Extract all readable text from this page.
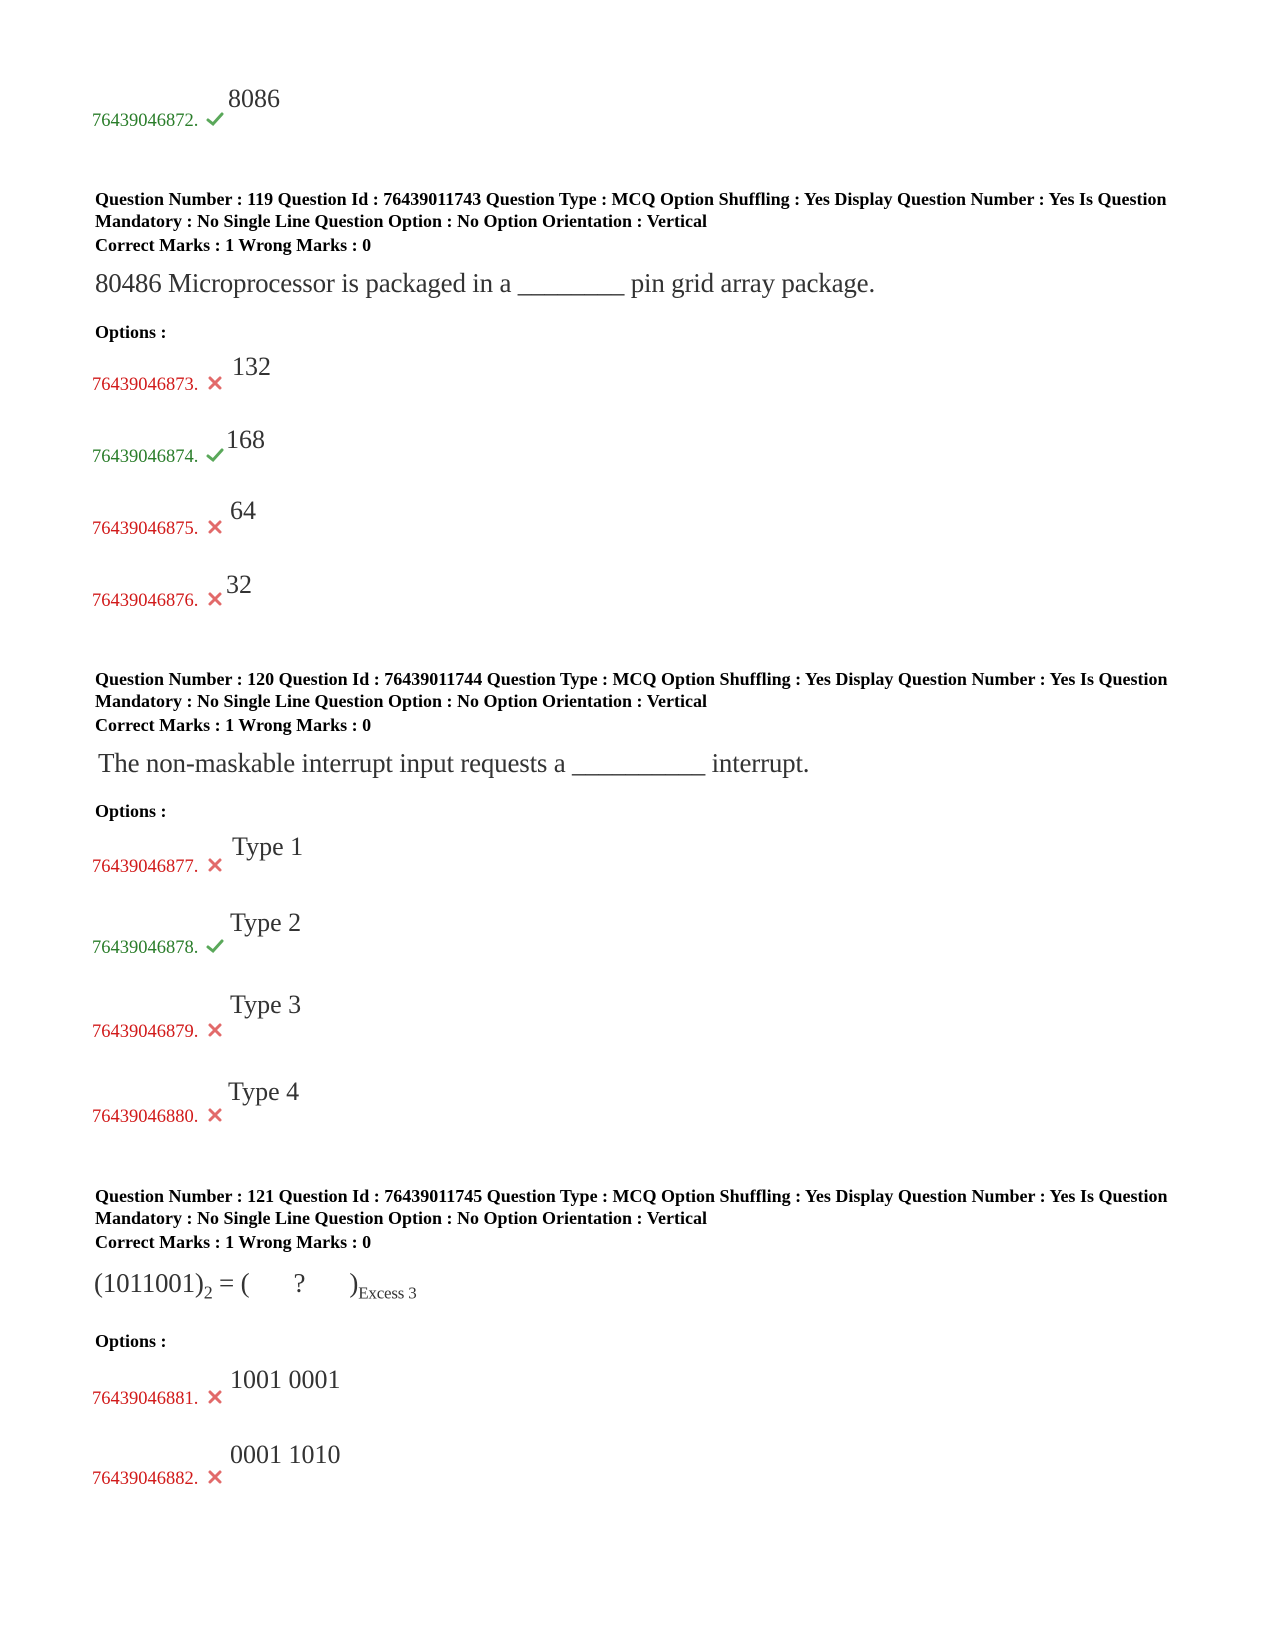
8086
76439046872.
Question Number : 119 Question Id : 76439011743 Question Type : MCQ Option Shuffling : Yes Display Question Number : Yes Is Question Mandatory : No Single Line Question Option : No Option Orientation : Vertical
Correct Marks : 1 Wrong Marks : 0
80486 Microprocessor is packaged in a ________ pin grid array package.
Options :
132
76439046873.
168
76439046874.
64
76439046875.
32
76439046876.
Question Number : 120 Question Id : 76439011744 Question Type : MCQ Option Shuffling : Yes Display Question Number : Yes Is Question Mandatory : No Single Line Question Option : No Option Orientation : Vertical
Correct Marks : 1 Wrong Marks : 0
The non-maskable interrupt input requests a __________ interrupt.
Options :
Type 1
76439046877.
Type 2
76439046878.
Type 3
76439046879.
Type 4
76439046880.
Question Number : 121 Question Id : 76439011745 Question Type : MCQ Option Shuffling : Yes Display Question Number : Yes Is Question Mandatory : No Single Line Question Option : No Option Orientation : Vertical
Correct Marks : 1 Wrong Marks : 0
$(1011001)_2$ = ( ? )$_{Excess 3}$
Options :
1001 0001
76439046881.
0001 1010
76439046882.
